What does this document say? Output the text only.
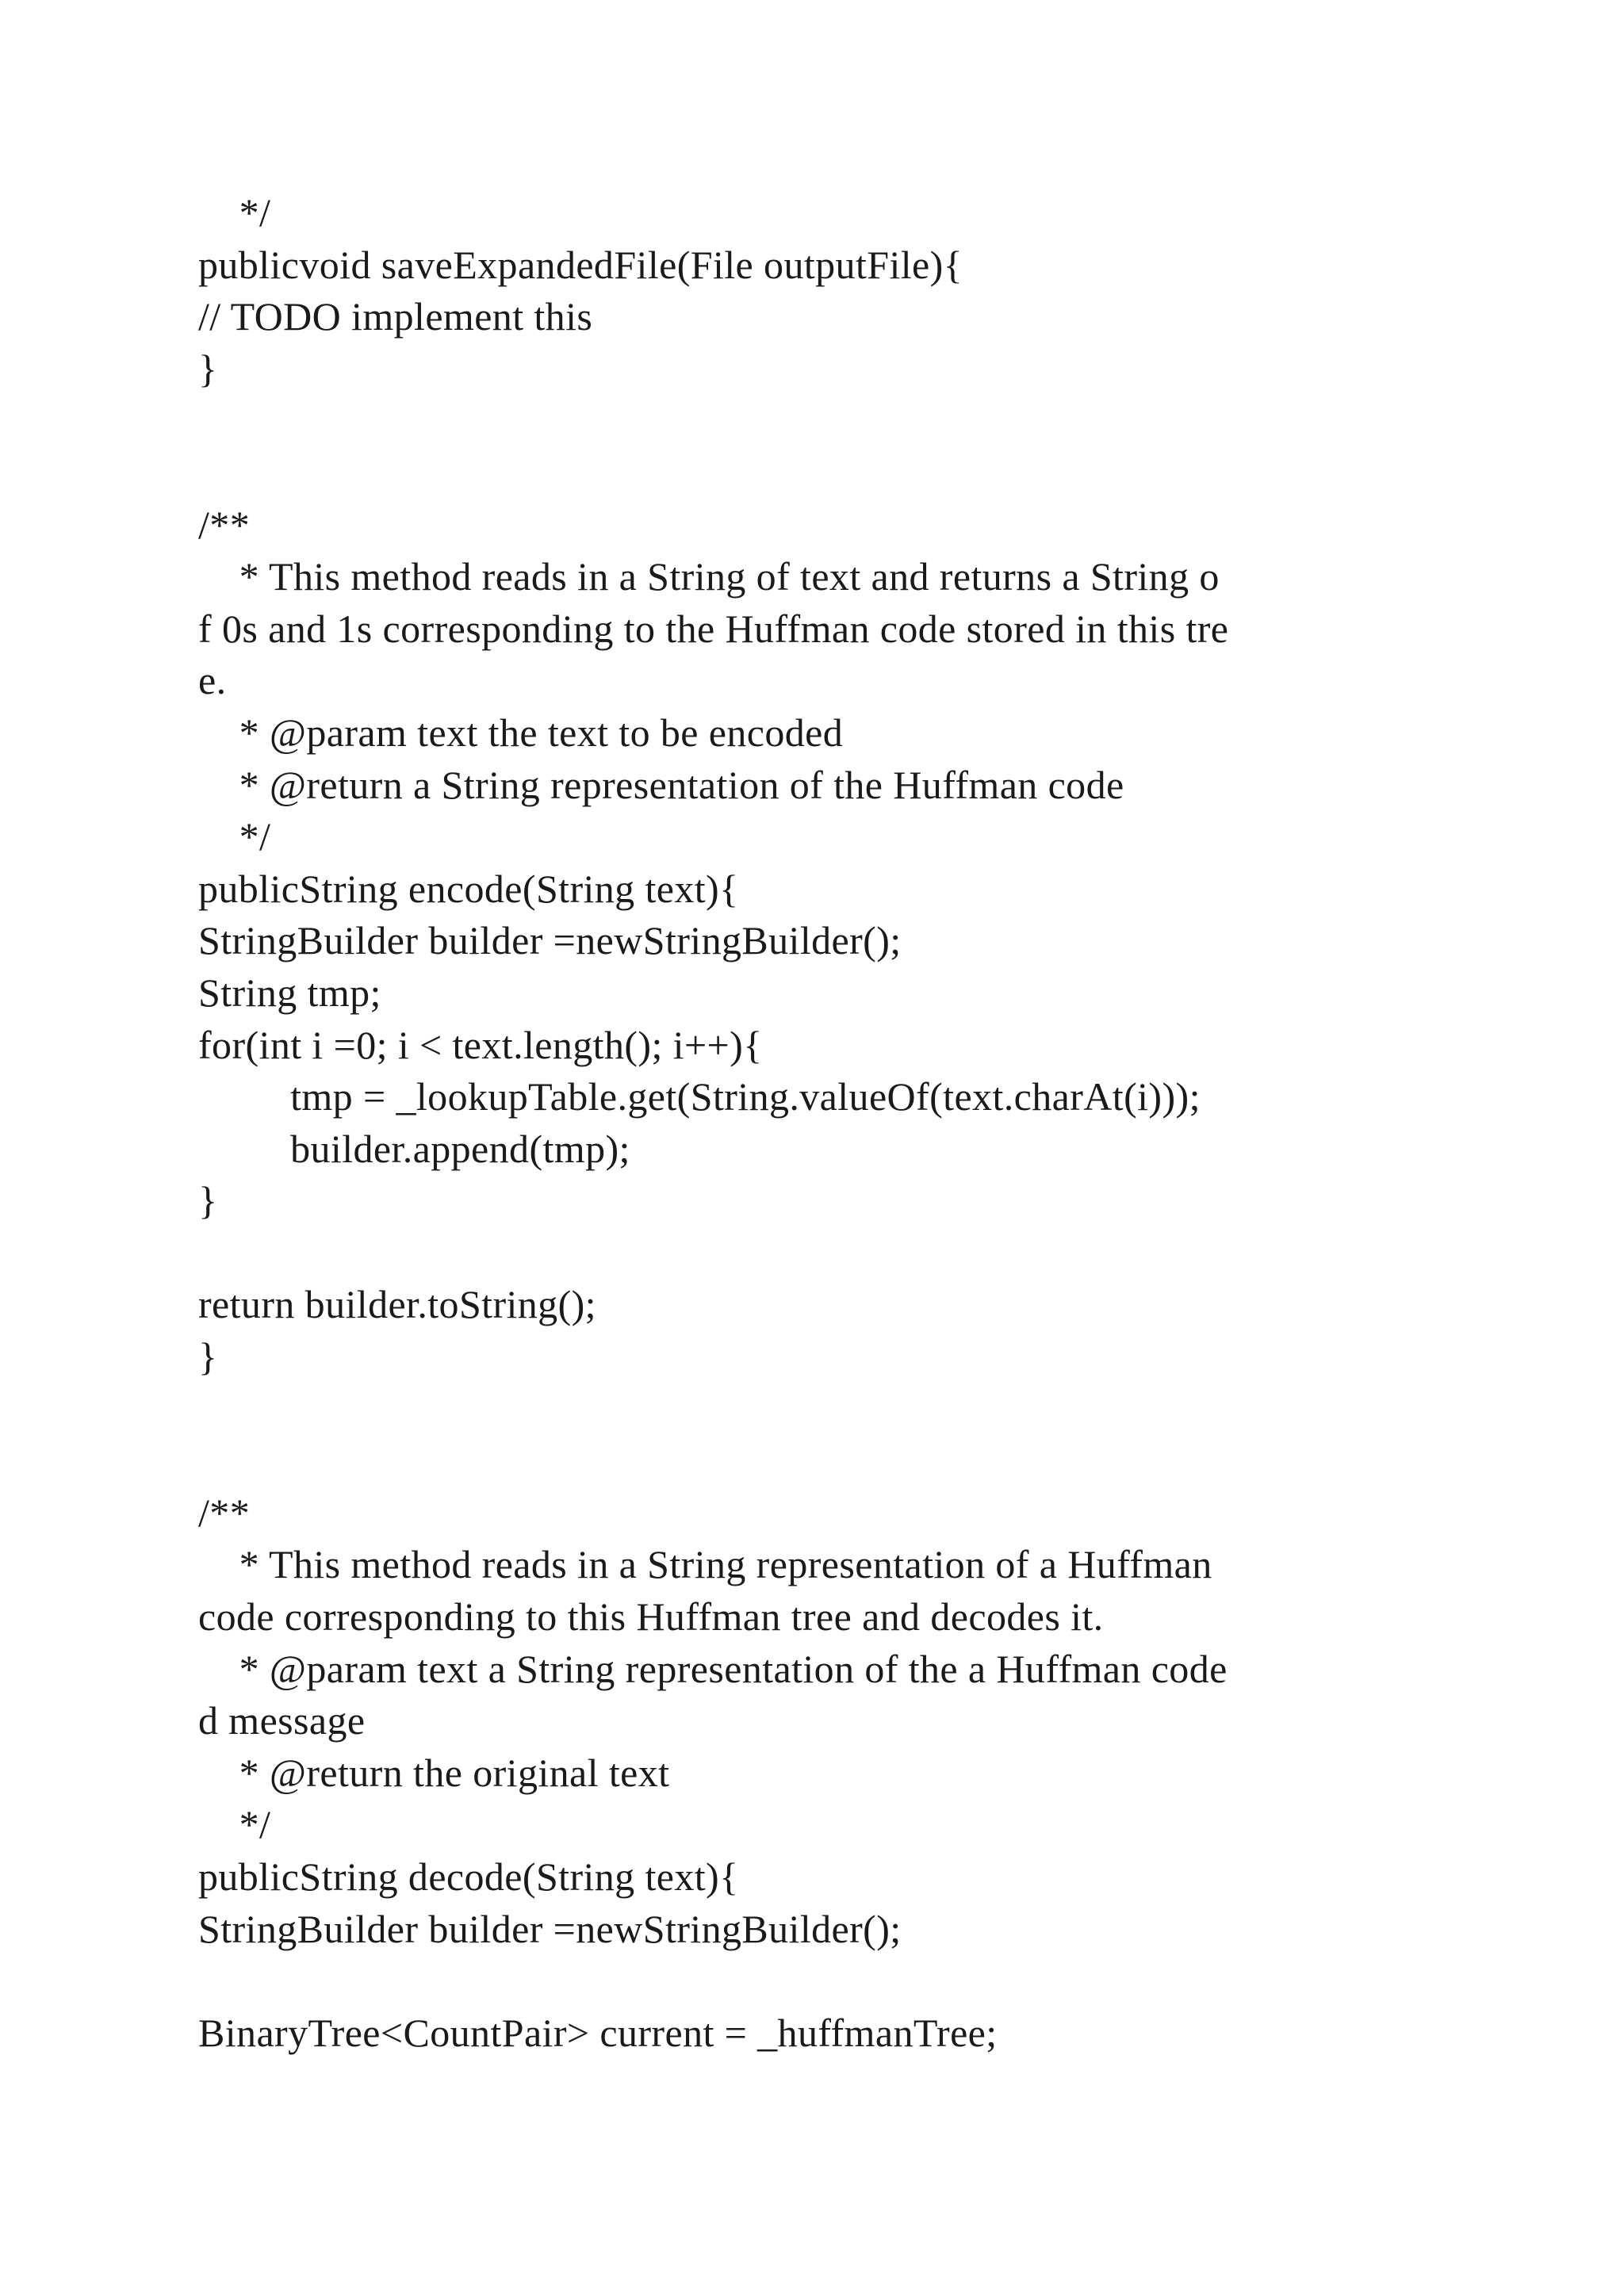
*/
publicvoid saveExpandedFile(File outputFile){
// TODO implement this
}
/**
* This method reads in a String of text and returns a String o
f 0s and 1s corresponding to the Huffman code stored in this tre
e.
* @param text the text to be encoded
* @return a String representation of the Huffman code
*/
publicString encode(String text){
StringBuilder builder =newStringBuilder();
String tmp;
for(int i =0; i < text.length(); i++){
tmp = _lookupTable.get(String.valueOf(text.charAt(i)));
builder.append(tmp);
}
return builder.toString();
}
/**
* This method reads in a String representation of a Huffman
code corresponding to this Huffman tree and decodes it.
* @param text a String representation of the a Huffman code
d message
* @return the original text
*/
publicString decode(String text){
StringBuilder builder =newStringBuilder();
BinaryTree<CountPair> current = _huffmanTree;
